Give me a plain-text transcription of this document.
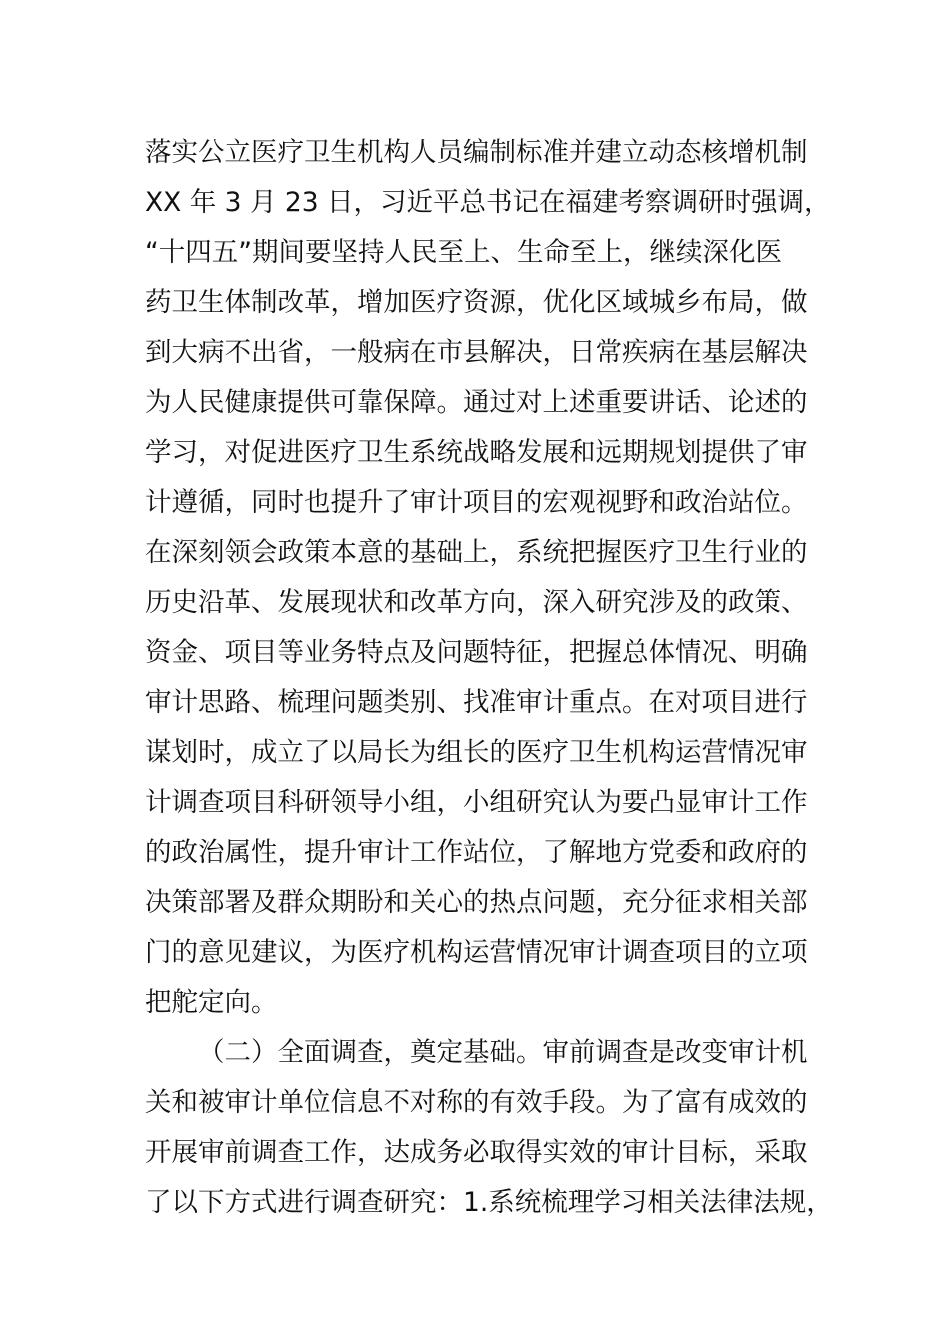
落实公立医疗卫生机构人员编制标准并建立动态核增机制
XX 年 3 月 23 日，习近平总书记在福建考察调研时强调，
“十四五”期间要坚持人民至上、生命至上，继续深化医
药卫生体制改革，增加医疗资源，优化区域城乡布局，做
到大病不出省，一般病在市县解决，日常疾病在基层解决
为人民健康提供可靠保障。通过对上述重要讲话、论述的
学习，对促进医疗卫生系统战略发展和远期规划提供了审
计遵循，同时也提升了审计项目的宏观视野和政治站位。
在深刻领会政策本意的基础上，系统把握医疗卫生行业的
历史沿革、发展现状和改革方向，深入研究涉及的政策、
资金、项目等业务特点及问题特征，把握总体情况、明确
审计思路、梳理问题类别、找准审计重点。在对项目进行
谋划时，成立了以局长为组长的医疗卫生机构运营情况审
计调查项目科研领导小组，小组研究认为要凸显审计工作
的政治属性，提升审计工作站位，了解地方党委和政府的
决策部署及群众期盼和关心的热点问题，充分征求相关部
门的意见建议，为医疗机构运营情况审计调查项目的立项
把舵定向。
（二）全面调查，奠定基础。审前调查是改变审计机
关和被审计单位信息不对称的有效手段。为了富有成效的
开展审前调查工作，达成务必取得实效的审计目标，采取
了以下方式进行调查研究：1.系统梳理学习相关法律法规，
